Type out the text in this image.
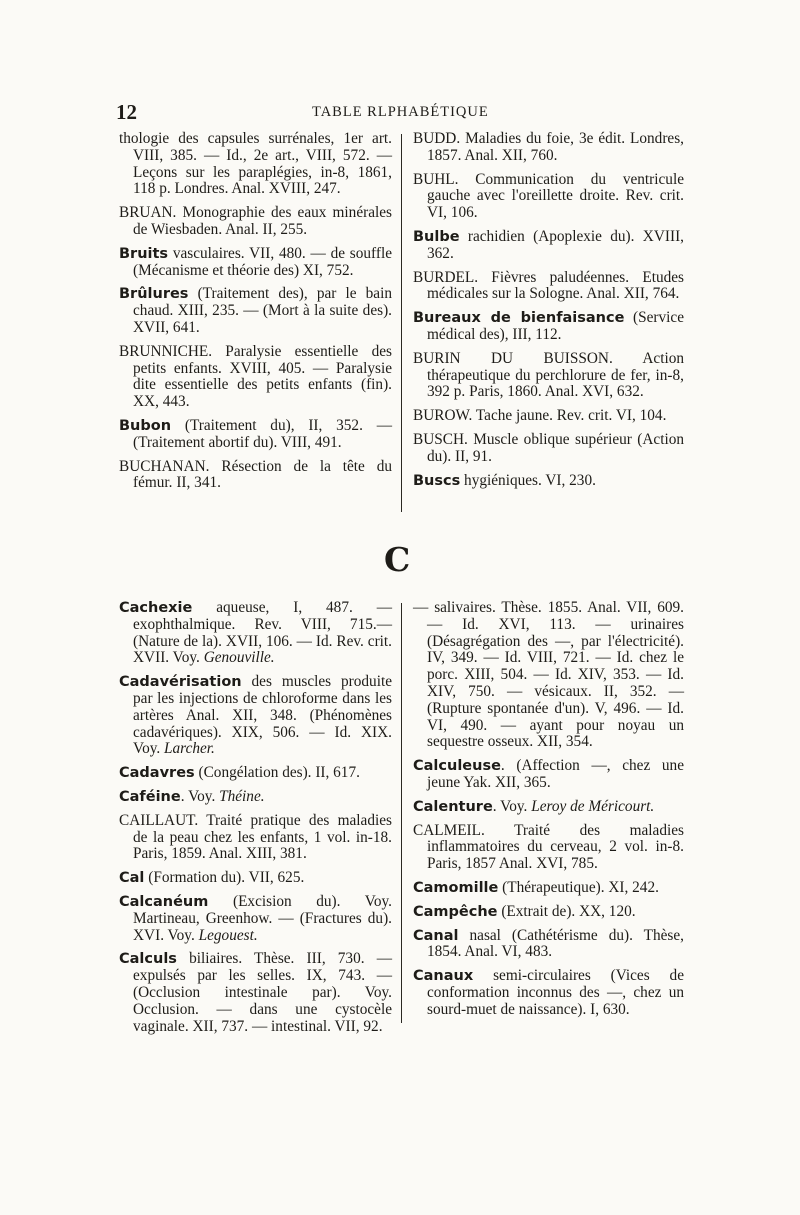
12	TABLE RLPHABÉTIQUE

thologie des capsules surrénales, 1er art. VIII, 385. — Id., 2e art., VIII, 572. — Leçons sur les paraplégies, in-8, 1861, 118 p. Londres. Anal. XVIII, 247.

BRUAN. Monographie des eaux minérales de Wiesbaden. Anal. II, 255.

Bruits vasculaires. VII, 480. — de souffle (Mécanisme et théorie des) XI, 752.

Brûlures (Traitement des), par le bain chaud. XIII, 235. — (Mort à la suite des). XVII, 641.

BRUNNICHE. Paralysie essentielle des petits enfants. XVIII, 405. — Paralysie dite essentielle des petits enfants (fin). XX, 443.

Bubon (Traitement du), II, 352. — (Traitement abortif du). VIII, 491.

BUCHANAN. Résection de la tête du fémur. II, 341.

BUDD. Maladies du foie, 3e édit. Londres, 1857. Anal. XII, 760.

BUHL. Communication du ventricule gauche avec l'oreillette droite. Rev. crit. VI, 106.

Bulbe rachidien (Apoplexie du). XVIII, 362.

BURDEL. Fièvres paludéennes. Etudes médicales sur la Sologne. Anal. XII, 764.

Bureaux de bienfaisance (Service médical des), III, 112.

BURIN DU BUISSON. Action thérapeutique du perchlorure de fer, in-8, 392 p. Paris, 1860. Anal. XVI, 632.

BUROW. Tache jaune. Rev. crit. VI, 104.

BUSCH. Muscle oblique supérieur (Action du). II, 91.

Buscs hygiéniques. VI, 230.

C

Cachexie aqueuse, I, 487. — exophthalmique. Rev. VIII, 715.— (Nature de la). XVII, 106. — Id. Rev. crit. XVII. Voy. Genouville.

Cadavérisation des muscles produite par les injections de chloroforme dans les artères Anal. XII, 348. (Phénomènes cadavériques). XIX, 506. — Id. XIX. Voy. Larcher.

Cadavres (Congélation des). II, 617.

Caféine. Voy. Théine.

CAILLAUT. Traité pratique des maladies de la peau chez les enfants, 1 vol. in-18. Paris, 1859. Anal. XIII, 381.

Cal (Formation du). VII, 625.

Calcanéum (Excision du). Voy. Martineau, Greenhow. — (Fractures du). XVI. Voy. Legouest.

Calculs biliaires. Thèse. III, 730. — expulsés par les selles. IX, 743. — (Occlusion intestinale par). Voy. Occlusion. — dans une cystocèle vaginale. XII, 737. — intestinal. VII, 92.

— salivaires. Thèse. 1855. Anal. VII, 609. — Id. XVI, 113. — urinaires (Désagrégation des —, par l'électricité). IV, 349. — Id. VIII, 721. — Id. chez le porc. XIII, 504. — Id. XIV, 353. — Id. XIV, 750. — vésicaux. II, 352. — (Rupture spontanée d'un). V, 496. — Id. VI, 490. — ayant pour noyau un sequestre osseux. XII, 354.

Calculeuse. (Affection —, chez une jeune Yak. XII, 365.

Calenture. Voy. Leroy de Méricourt.

CALMEIL. Traité des maladies inflammatoires du cerveau, 2 vol. in-8. Paris, 1857 Anal. XVI, 785.

Camomille (Thérapeutique). XI, 242.

Campêche (Extrait de). XX, 120.

Canal nasal (Cathétérisme du). Thèse, 1854. Anal. VI, 483.

Canaux semi-circulaires (Vices de conformation inconnus des —, chez un sourd-muet de naissance). I, 630.
